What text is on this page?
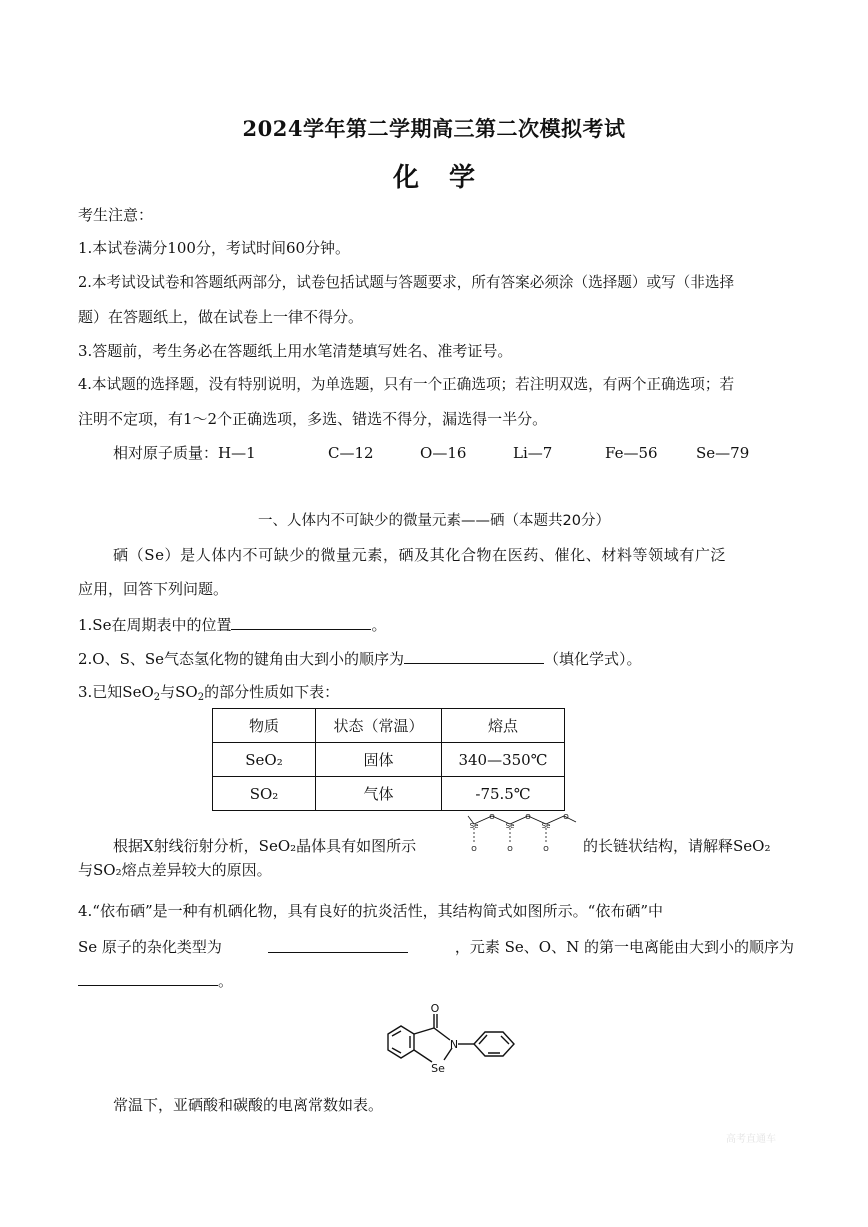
2024学年第二学期高三第二次模拟考试
化学
考生注意：
1.本试卷满分100分，考试时间60分钟。
2.本考试设试卷和答题纸两部分，试卷包括试题与答题要求，所有答案必须涂（选择题）或写（非选择
题）在答题纸上，做在试卷上一律不得分。
3.答题前，考生务必在答题纸上用水笔清楚填写姓名、准考证号。
4.本试题的选择题，没有特别说明，为单选题，只有一个正确选项；若注明双选，有两个正确选项；若
注明不定项，有1～2个正确选项，多选、错选不得分，漏选得一半分。
相对原子质量：H—1	C—12	O—16	Li—7	Fe—56	Se—79
一、人体内不可缺少的微量元素——硒（本题共20分）
硒（Se）是人体内不可缺少的微量元素，硒及其化合物在医药、催化、材料等领域有广泛
应用，回答下列问题。
1.Se在周期表中的位置	。
2.O、S、Se气态氢化物的键角由大到小的顺序为	（填化学式）。
3.已知SeO$_2$与$SO_2$的部分性质如下表：
物质	状态（常温）	熔点
SeO₂	固体	340—350℃
SO₂	气体	-75.5℃
根据X射线衍射分析，SeO₂晶体具有如图所示
Se	Se	Se
O	O	O
O	O	O 的长链状结构，请解释SeO₂
与SO₂熔点差异较大的原因。
4.“依布硒”是一种有机硒化物，具有良好的抗炎活性，其结构简式如图所示。“依布硒”中
Se 原子的杂化类型为	，元素 Se、O、N 的第一电离能由大到小的顺序为
。
O
N
Se
常温下，亚硒酸和碳酸的电离常数如表。
高考直通车
